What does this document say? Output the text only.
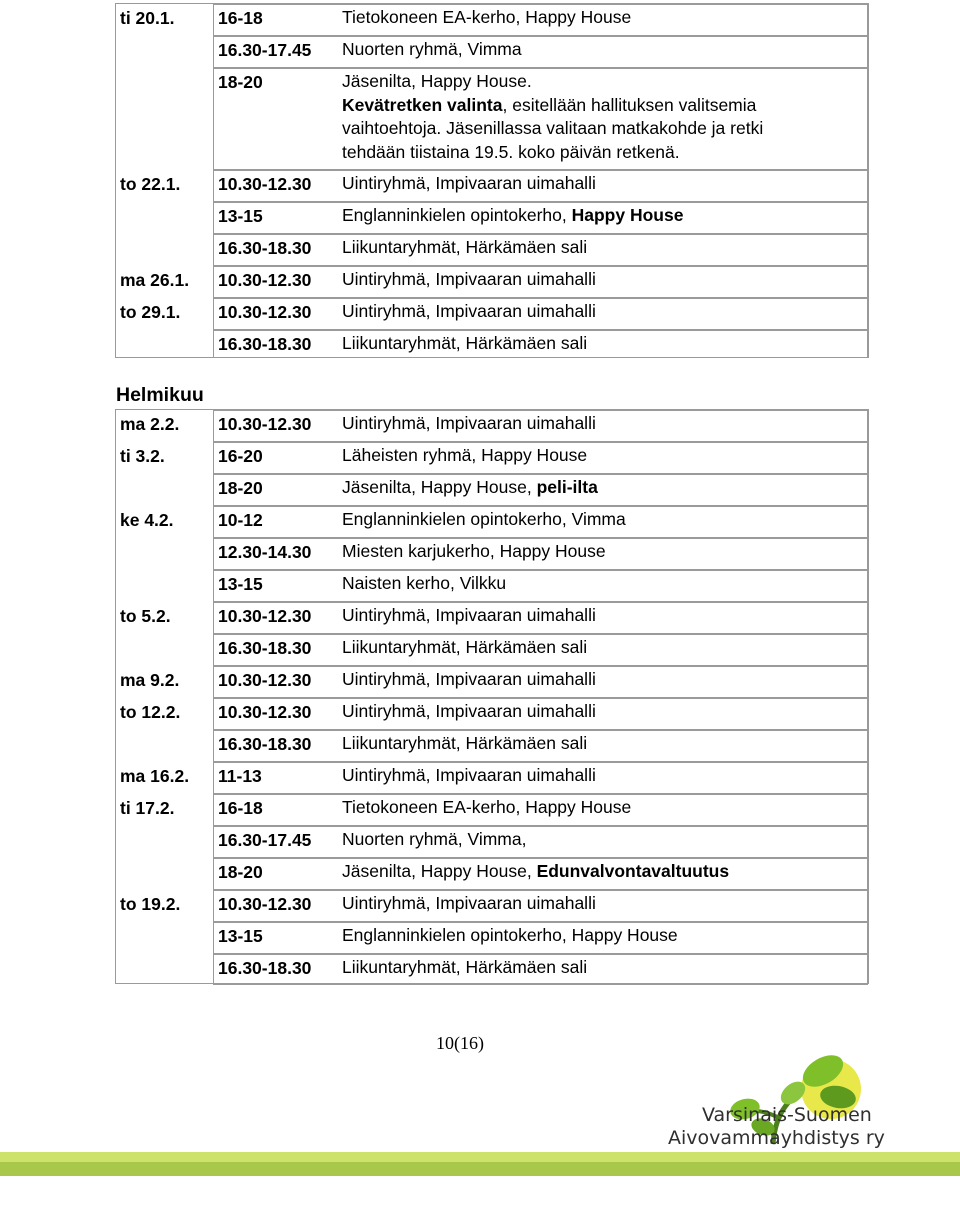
ti 20.1. 16-18	Tietokoneen EA-kerho, Happy House
16.30-17.45 Nuorten ryhmä, Vimma
18-20	Jäsenilta, Happy House.
Kevätretken valinta, esitellään hallituksen valitsemia
vaihtoehtoja. Jäsenillassa valitaan matkakohde ja retki
tehdään tiistaina 19.5. koko päivän retkenä.
to 22.1. 10.30-12.30 Uintiryhmä, Impivaaran uimahalli
13-15	Englanninkielen opintokerho, Happy House
16.30-18.30 Liikuntaryhmät, Härkämäen sali
ma 26.1. 10.30-12.30 Uintiryhmä, Impivaaran uimahalli
to 29.1. 10.30-12.30 Uintiryhmä, Impivaaran uimahalli
16.30-18.30 Liikuntaryhmät, Härkämäen sali
Helmikuu
ma 2.2. 10.30-12.30 Uintiryhmä, Impivaaran uimahalli
ti 3.2.	16-20	Läheisten ryhmä, Happy House
18-20	Jäsenilta, Happy House, peli-ilta
ke 4.2.	10-12	Englanninkielen opintokerho, Vimma
12.30-14.30 Miesten karjukerho, Happy House
13-15	Naisten kerho, Vilkku
to 5.2.	10.30-12.30 Uintiryhmä, Impivaaran uimahalli
16.30-18.30 Liikuntaryhmät, Härkämäen sali
ma 9.2. 10.30-12.30 Uintiryhmä, Impivaaran uimahalli
to 12.2. 10.30-12.30 Uintiryhmä, Impivaaran uimahalli
16.30-18.30 Liikuntaryhmät, Härkämäen sali
ma 16.2. 11-13	Uintiryhmä, Impivaaran uimahalli
ti 17.2. 16-18	Tietokoneen EA-kerho, Happy House
16.30-17.45 Nuorten ryhmä, Vimma,
18-20	Jäsenilta, Happy House, Edunvalvontavaltuutus
to 19.2. 10.30-12.30 Uintiryhmä, Impivaaran uimahalli
13-15	Englanninkielen opintokerho, Happy House
16.30-18.30 Liikuntaryhmät, Härkämäen sali
10(16)
Varsinais-Suomen
Aivovammayhdistys ry
